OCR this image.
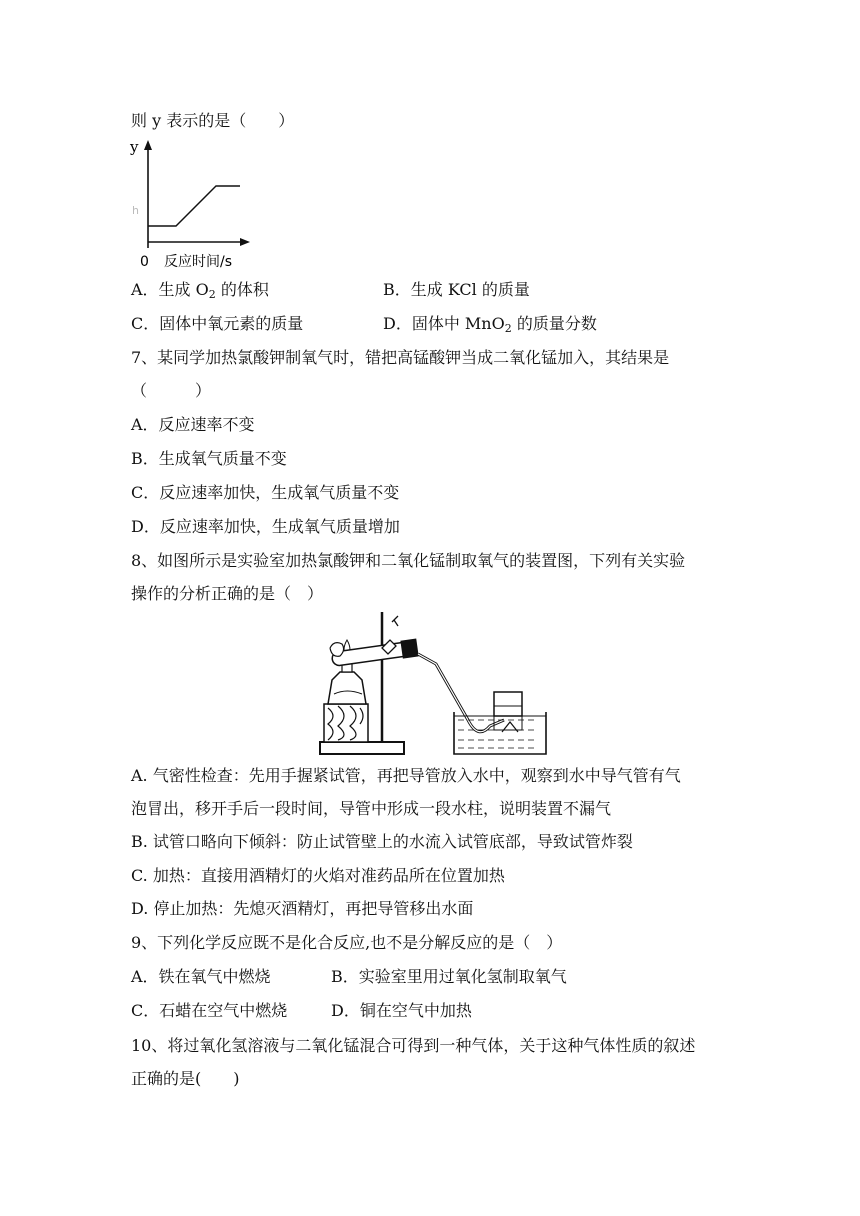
则 y 表示的是（　　）
h
y
0 反应时间/s
A．生成 $O_2$ 的体积	B．生成 KCl 的质量
C．固体中氧元素的质量	D．固体中 MnO$_2$ 的质量分数
7、某同学加热氯酸钾制氧气时，错把高锰酸钾当成二氧化锰加入，其结果是
（　　　）
A．反应速率不变
B．生成氧气质量不变
C．反应速率加快，生成氧气质量不变
D．反应速率加快，生成氧气质量增加
8、如图所示是实验室加热氯酸钾和二氧化锰制取氧气的装置图，下列有关实验
操作的分析正确的是（　）
A. 气密性检查：先用手握紧试管，再把导管放入水中，观察到水中导气管有气
泡冒出，移开手后一段时间，导管中形成一段水柱，说明装置不漏气
B. 试管口略向下倾斜：防止试管壁上的水流入试管底部，导致试管炸裂
C. 加热：直接用酒精灯的火焰对准药品所在位置加热
D. 停止加热：先熄灭酒精灯，再把导管移出水面
9、下列化学反应既不是化合反应,也不是分解反应的是（　）
A．铁在氧气中燃烧	B．实验室里用过氧化氢制取氧气
C．石蜡在空气中燃烧	D．铜在空气中加热
10、将过氧化氢溶液与二氧化锰混合可得到一种气体，关于这种气体性质的叙述
正确的是(　　)
